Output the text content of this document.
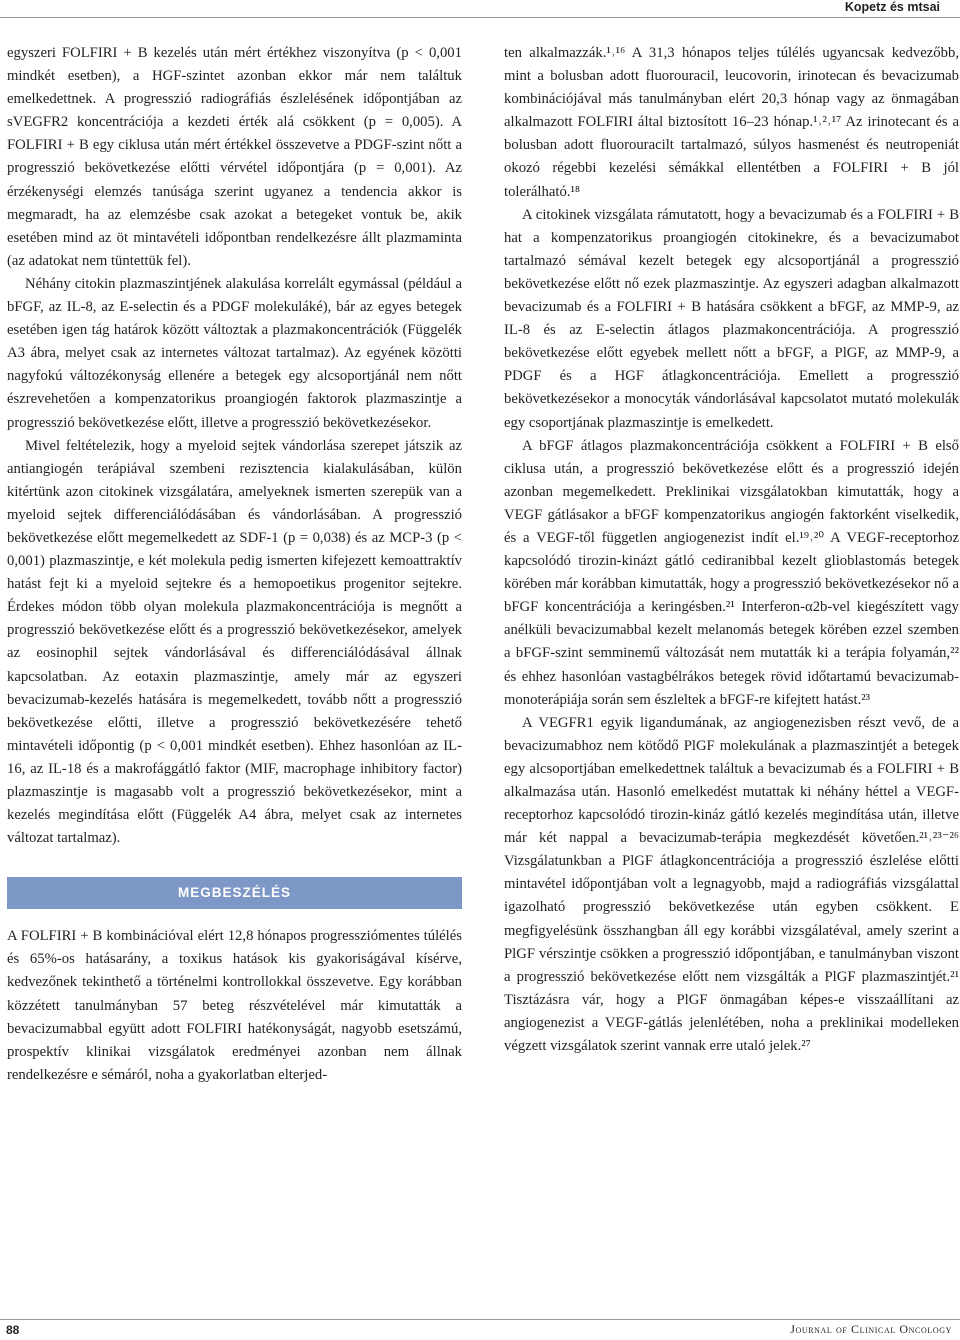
Kopetz és mtsai

egyszeri FOLFIRI + B kezelés után mért értékhez viszonyítva (p < 0,001 mindkét esetben), a HGF-szintet azonban ekkor már nem találtuk emelkedettnek. A progresszió radiográfiás észlelésének időpontjában az sVEGFR2 koncentrációja a kezdeti érték alá csökkent (p = 0,005). A FOLFIRI + B egy ciklusa után mért értékkel összevetve a PDGF-szint nőtt a progresszió bekövetkezése előtti vérvétel időpontjára (p = 0,001). Az érzékenységi elemzés tanúsága szerint ugyanez a tendencia akkor is megmaradt, ha az elemzésbe csak azokat a betegeket vontuk be, akik esetében mind az öt mintavételi időpontban rendelkezésre állt plazmaminta (az adatokat nem tüntettük fel).

Néhány citokin plazmaszintjének alakulása korrelált egymással (például a bFGF, az IL-8, az E-selectin és a PDGF molekuláké), bár az egyes betegek esetében igen tág határok között változtak a plazmakoncentrációk (Függelék A3 ábra, melyet csak az internetes változat tartalmaz). Az egyének közötti nagyfokú változékonyság ellenére a betegek egy alcsoportjánál nem nőtt észrevehetően a kompenzatorikus proangiogén faktorok plazmaszintje a progresszió bekövetkezése előtt, illetve a progresszió bekövetkezésekor.

Mivel feltételezik, hogy a myeloid sejtek vándorlása szerepet játszik az antiangiogén terápiával szembeni rezisztencia kialakulásában, külön kitértünk azon citokinek vizsgálatára, amelyeknek ismerten szerepük van a myeloid sejtek differenciálódásában és vándorlásában. A progresszió bekövetkezése előtt megemelkedett az SDF-1 (p = 0,038) és az MCP-3 (p < 0,001) plazmaszintje, e két molekula pedig ismerten kifejezett kemoattraktív hatást fejt ki a myeloid sejtekre és a hemopoetikus progenitor sejtekre. Érdekes módon több olyan molekula plazmakoncentrációja is megnőtt a progresszió bekövetkezése előtt és a progresszió bekövetkezésekor, amelyek az eosinophil sejtek vándorlásával és differenciálódásával állnak kapcsolatban. Az eotaxin plazmaszintje, amely már az egyszeri bevacizumab-kezelés hatására is megemelkedett, tovább nőtt a progresszió bekövetkezése előtti, illetve a progresszió bekövetkezésére tehető mintavételi időpontig (p < 0,001 mindkét esetben). Ehhez hasonlóan az IL-16, az IL-18 és a makrofággátló faktor (MIF, macrophage inhibitory factor) plazmaszintje is magasabb volt a progresszió bekövetkezésekor, mint a kezelés megindítása előtt (Függelék A4 ábra, melyet csak az internetes változat tartalmaz).

MEGBESZÉLÉS

A FOLFIRI + B kombinációval elért 12,8 hónapos progressziómentes túlélés és 65%-os hatásarány, a toxikus hatások kis gyakoriságával kísérve, kedvezőnek tekinthető a történelmi kontrollokkal összevetve. Egy korábban közzétett tanulmányban 57 beteg részvételével már kimutatták a bevacizumabbal együtt adott FOLFIRI hatékonyságát, nagyobb esetszámú, prospektív klinikai vizsgálatok eredményei azonban nem állnak rendelkezésre e sémáról, noha a gyakorlatban elterjed-

ten alkalmazzák.¹˒¹⁶ A 31,3 hónapos teljes túlélés ugyancsak kedvezőbb, mint a bolusban adott fluorouracil, leucovorin, irinotecan és bevacizumab kombinációjával más tanulmányban elért 20,3 hónap vagy az önmagában alkalmazott FOLFIRI által biztosított 16–23 hónap.¹˒²˒¹⁷ Az irinotecant és a bolusban adott fluorouracilt tartalmazó, súlyos hasmenést és neutropeniát okozó régebbi kezelési sémákkal ellentétben a FOLFIRI + B jól tolerálható.¹⁸

A citokinek vizsgálata rámutatott, hogy a bevacizumab és a FOLFIRI + B hat a kompenzatorikus proangiogén citokinekre, és a bevacizumabot tartalmazó sémával kezelt betegek egy alcsoportjánál a progresszió bekövetkezése előtt nő ezek plazmaszintje. Az egyszeri adagban alkalmazott bevacizumab és a FOLFIRI + B hatására csökkent a bFGF, az MMP-9, az IL-8 és az E-selectin átlagos plazmakoncentrációja. A progresszió bekövetkezése előtt egyebek mellett nőtt a bFGF, a PlGF, az MMP-9, a PDGF és a HGF átlagkoncentrációja. Emellett a progresszió bekövetkezésekor a monocyták vándorlásával kapcsolatot mutató molekulák egy csoportjának plazmaszintje is emelkedett.

A bFGF átlagos plazmakoncentrációja csökkent a FOLFIRI + B első ciklusa után, a progresszió bekövetkezése előtt és a progresszió idején azonban megemelkedett. Preklinikai vizsgálatokban kimutatták, hogy a VEGF gátlásakor a bFGF kompenzatorikus angiogén faktorként viselkedik, és a VEGF-től független angiogenezist indít el.¹⁹˒²⁰ A VEGF-receptorhoz kapcsolódó tirozin-kinázt gátló cediranibbal kezelt glioblastomás betegek körében már korábban kimutatták, hogy a progresszió bekövetkezésekor nő a bFGF koncentrációja a keringésben.²¹ Interferon-α2b-vel kiegészített vagy anélküli bevacizumabbal kezelt melanomás betegek körében ezzel szemben a bFGF-szint semminemű változását nem mutatták ki a terápia folyamán,²² és ehhez hasonlóan vastagbélrákos betegek rövid időtartamú bevacizumab-monoterápiája során sem észleltek a bFGF-re kifejtett hatást.²³

A VEGFR1 egyik ligandumának, az angiogenezisben részt vevő, de a bevacizumabhoz nem kötődő PlGF molekulának a plazmaszintjét a betegek egy alcsoportjában emelkedettnek találtuk a bevacizumab és a FOLFIRI + B alkalmazása után. Hasonló emelkedést mutattak ki néhány héttel a VEGF-receptorhoz kapcsolódó tirozin-kináz gátló kezelés megindítása után, illetve már két nappal a bevacizumab-terápia megkezdését követően.²¹˒²³⁻²⁶ Vizsgálatunkban a PlGF átlagkoncentrációja a progresszió észlelése előtti mintavétel időpontjában volt a legnagyobb, majd a radiográfiás vizsgálattal igazolható progresszió bekövetkezése után egyben csökkent. E megfigyelésünk összhangban áll egy korábbi vizsgálatéval, amely szerint a PlGF vérszintje csökken a progresszió időpontjában, e tanulmányban viszont a progresszió bekövetkezése előtt nem vizsgálták a PlGF plazmaszintjét.²¹ Tisztázásra vár, hogy a PlGF önmagában képes-e visszaállítani az angiogenezist a VEGF-gátlás jelenlétében, noha a preklinikai modelleken végzett vizsgálatok szerint vannak erre utaló jelek.²⁷

88	Journal of Clinical Oncology
